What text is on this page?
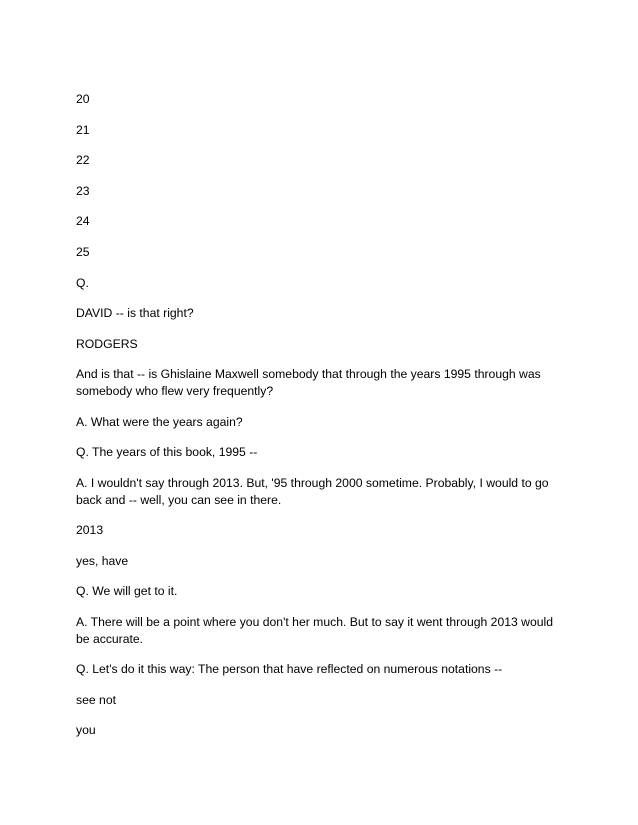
20
21
22
23
24
25
Q.
DAVID -- is that right?
RODGERS
And is that -- is Ghislaine Maxwell somebody that through the years 1995 through was somebody who flew very frequently?
A. What were the years again?
Q. The years of this book, 1995 --
A. I wouldn't say through 2013. But, '95 through 2000 sometime. Probably, I would to go back and -- well, you can see in there.
2013
yes, have
Q. We will get to it.
A. There will be a point where you don't her much. But to say it went through 2013 would be accurate.
Q. Let's do it this way: The person that have reflected on numerous notations --
see not
you
